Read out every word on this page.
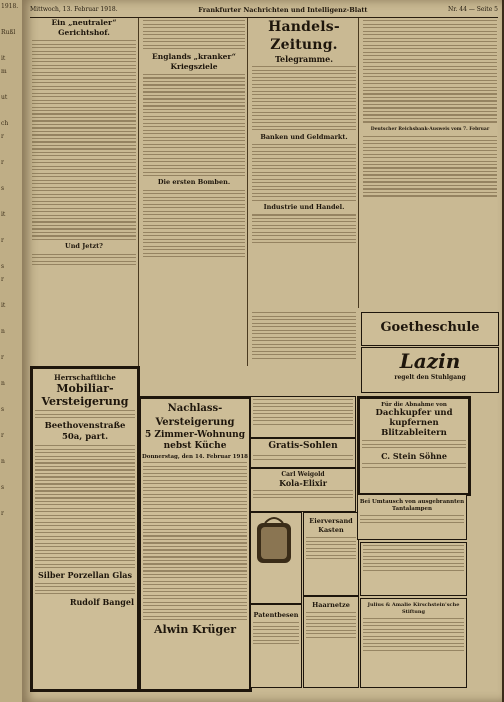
1918.

Rußl

it
m

ut

ch
r

r

s

it

r

s
r

it

n

r

n

s

r

n

s

r
Mittwoch, 13. Februar 1918.	Frankfurter Nachrichten und Intelligenz-Blatt	Nr. 44 — Seite 5
Ein „neutraler“ Gerichtshof.
Und Jetzt?
Englands „kranker“ Kriegsziele
Die ersten Bomben.
Handels-Zeitung.
Telegramme.
Banken und Geldmarkt.
Industrie und Handel.
Deutscher Reichsbank-Ausweis vom 7. Februar
Goetheschule
Lazin
regelt den Stuhlgang
Herrschaftliche
Mobiliar-Versteigerung
Beethovenstraße 50a, part.
Silber Porzellan Glas
Rudolf Bangel
Nachlass-Versteigerung
5 Zimmer-Wohnung nebst Küche
Donnerstag, den 14. Februar 1918
Alwin Krüger
Für die Abnahme von
Dachkupfer und
kupfernen Blitzableitern
C. Stein Söhne
Gratis-Sohlen
Carl Weigold
Kola-Elixir
Patentbesen
Eierversand Kasten
Haarnetze
Bei Umtausch von ausgebrannten Tantalampen
Julius & Amalie Kirschstein'sche Stiftung
